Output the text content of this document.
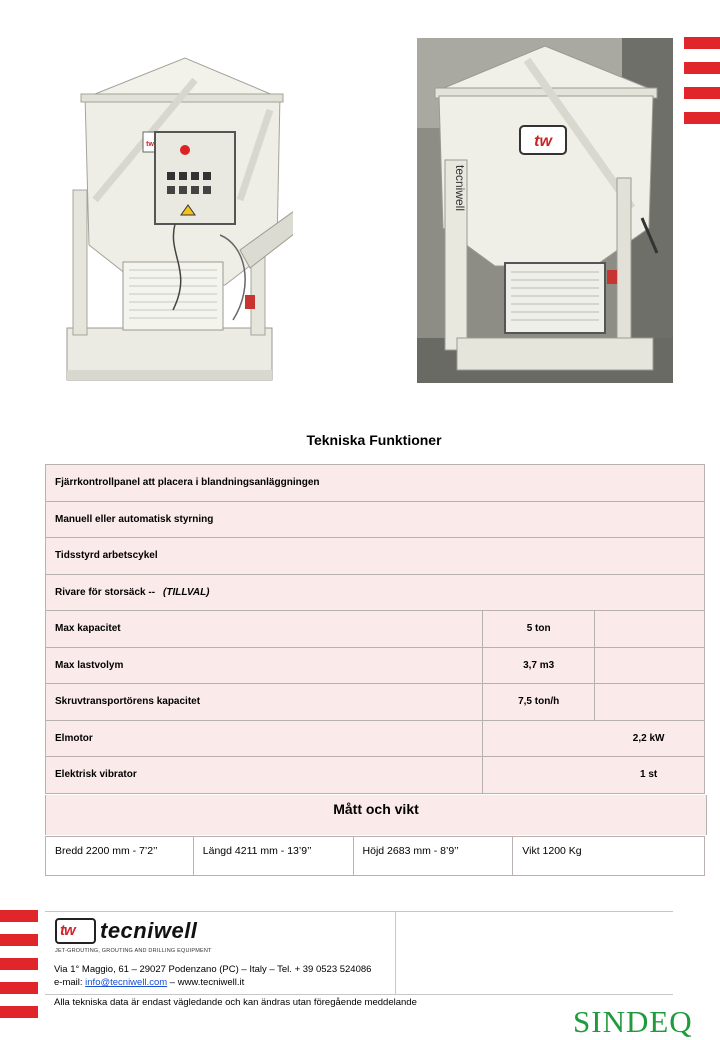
tw	tw
tecniwell
Tekniska Funktioner
Fjärrkontrollpanel att placera i blandningsanläggningen		
Manuell eller automatisk styrning		
Tidsstyrd arbetscykel		
Rivare för storsäck -- (TILLVAL)		
Max kapacitet	5 ton	
Max lastvolym	3,7 m3	
Skruvtransportörens kapacitet	7,5 ton/h	
Elmotor	2,2 kW	
Elektrisk vibrator	1 st	
Mått och vikt
Bredd 2200 mm - 7’2’’	Längd 4211 mm - 13’9’’	Höjd 2683 mm - 8’9’’	Vikt 1200 Kg
tw tecniwell
JET-GROUTING, GROUTING AND DRILLING EQUIPMENT
Via 1° Maggio, 61 – 29027 Podenzano (PC) – Italy – Tel. + 39 0523 524086
e-mail: info@tecniwell.com – www.tecniwell.it
Alla tekniska data är endast vägledande och kan ändras utan föregående meddelande
SINDEQ
